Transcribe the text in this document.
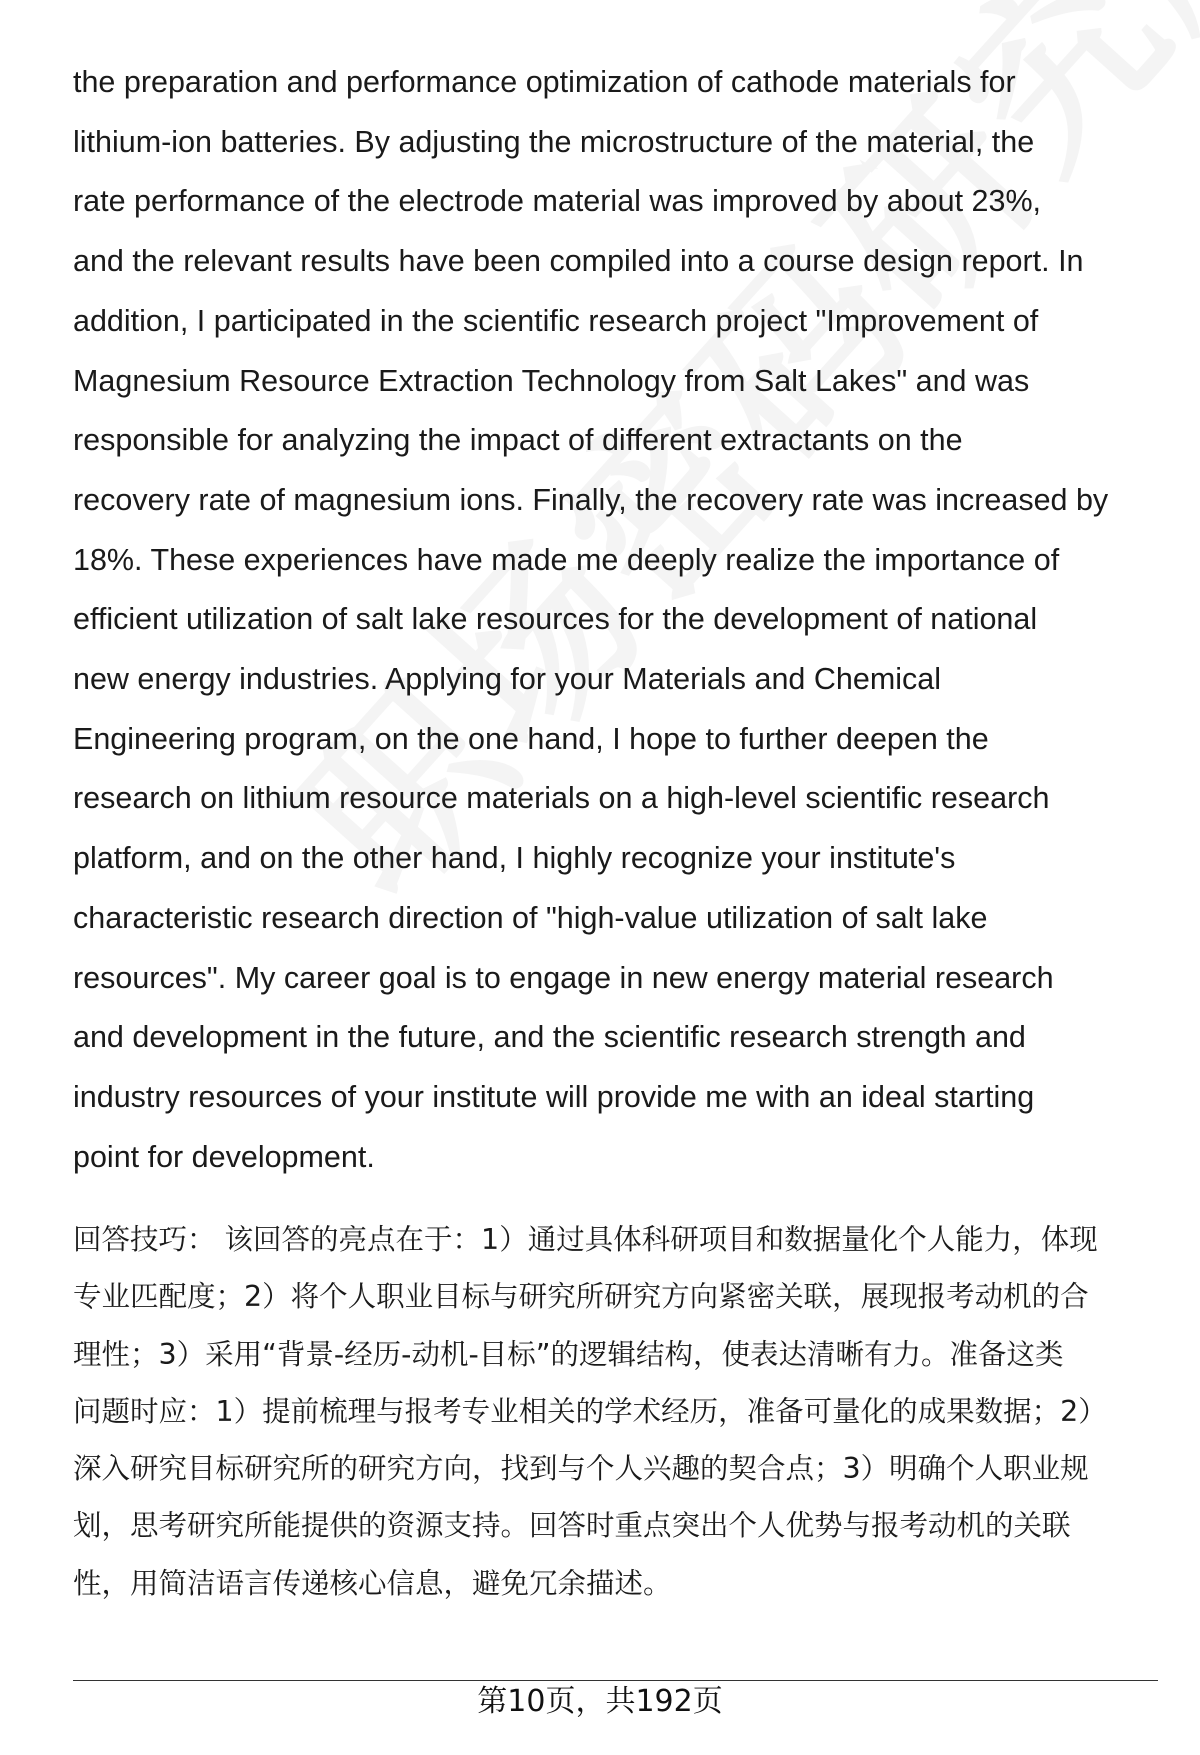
the preparation and performance optimization of cathode materials for
lithium-ion batteries. By adjusting the microstructure of the material, the
rate performance of the electrode material was improved by about 23%,
and the relevant results have been compiled into a course design report. In
addition, I participated in the scientific research project "Improvement of
Magnesium Resource Extraction Technology from Salt Lakes" and was
responsible for analyzing the impact of different extractants on the
recovery rate of magnesium ions. Finally, the recovery rate was increased by
18%. These experiences have made me deeply realize the importance of
efficient utilization of salt lake resources for the development of national
new energy industries. Applying for your Materials and Chemical
Engineering program, on the one hand, I hope to further deepen the
research on lithium resource materials on a high-level scientific research
platform, and on the other hand, I highly recognize your institute's
characteristic research direction of "high-value utilization of salt lake
resources". My career goal is to engage in new energy material research
and development in the future, and the scientific research strength and
industry resources of your institute will provide me with an ideal starting
point for development.
回答技巧： 该回答的亮点在于：1）通过具体科研项目和数据量化个人能力，体现
专业匹配度；2）将个人职业目标与研究所研究方向紧密关联，展现报考动机的合
理性；3）采用“背景-经历-动机-目标”的逻辑结构，使表达清晰有力。准备这类
问题时应：1）提前梳理与报考专业相关的学术经历，准备可量化的成果数据；2）
深入研究目标研究所的研究方向，找到与个人兴趣的契合点；3）明确个人职业规
划，思考研究所能提供的资源支持。回答时重点突出个人优势与报考动机的关联
性，用简洁语言传递核心信息，避免冗余描述。
第10页，共192页
